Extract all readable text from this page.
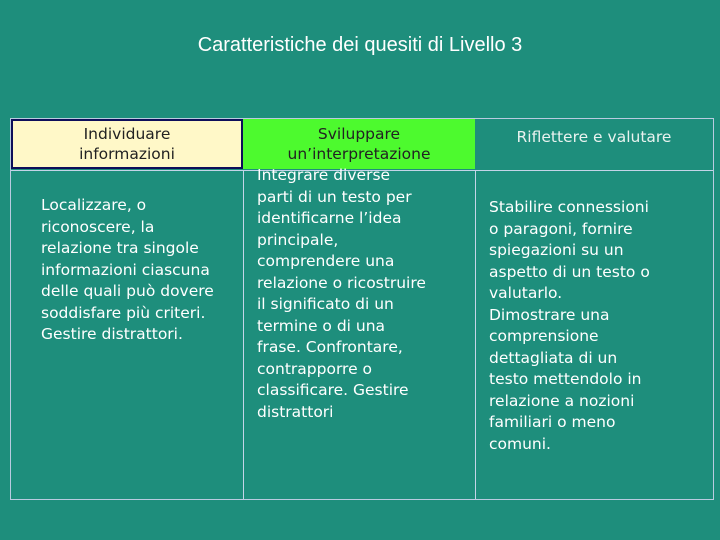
Caratteristiche dei quesiti di Livello 3
Individuare
informazioni
Sviluppare
un’interpretazione
Riflettere e valutare
Localizzare, o
riconoscere, la
relazione tra singole
informazioni ciascuna
delle quali può dovere
soddisfare più criteri.
Gestire distrattori.
Integrare diverse
parti di un testo per
identificarne l’idea
principale,
comprendere una
relazione o ricostruire
il significato di un
termine o di una
frase. Confrontare,
contrapporre o
classificare. Gestire
distrattori
Stabilire connessioni
o paragoni, fornire
spiegazioni su un
aspetto di un testo o
valutarlo.
Dimostrare una
comprensione
dettagliata di un
testo mettendolo in
relazione a nozioni
familiari o meno
comuni.
